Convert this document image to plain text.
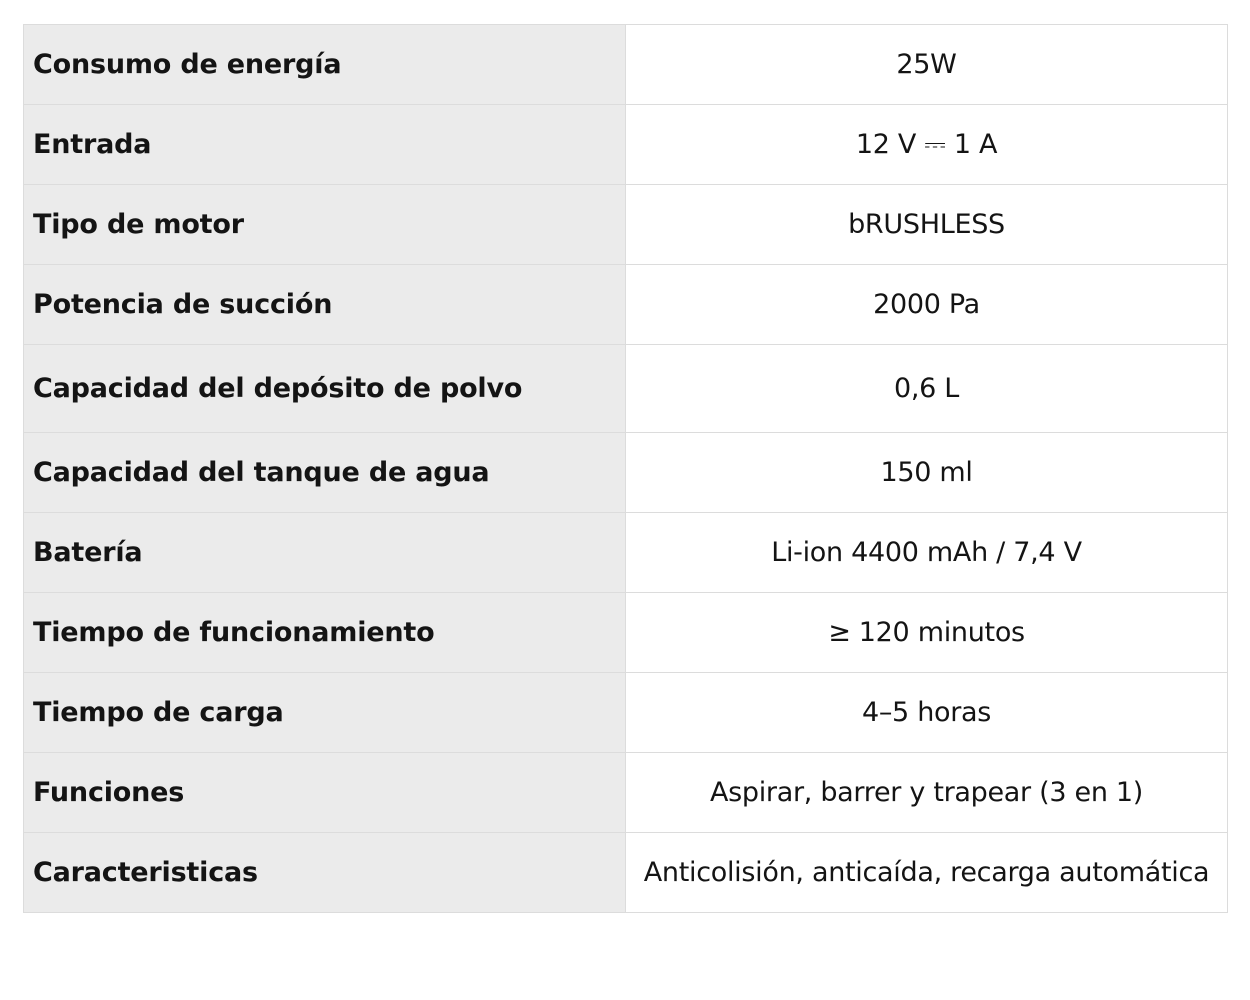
Consumo de energía	25W
Entrada	12 V ⎓ 1 A
Tipo de motor	bRUSHLESS
Potencia de succión	2000 Pa
Capacidad del depósito de polvo	0,6 L
Capacidad del tanque de agua	150 ml
Batería	Li-ion 4400 mAh / 7,4 V
Tiempo de funcionamiento	≥ 120 minutos
Tiempo de carga	4–5 horas
Funciones	Aspirar, barrer y trapear (3 en 1)
Caracteristicas	Anticolisión, anticaída, recarga automática
